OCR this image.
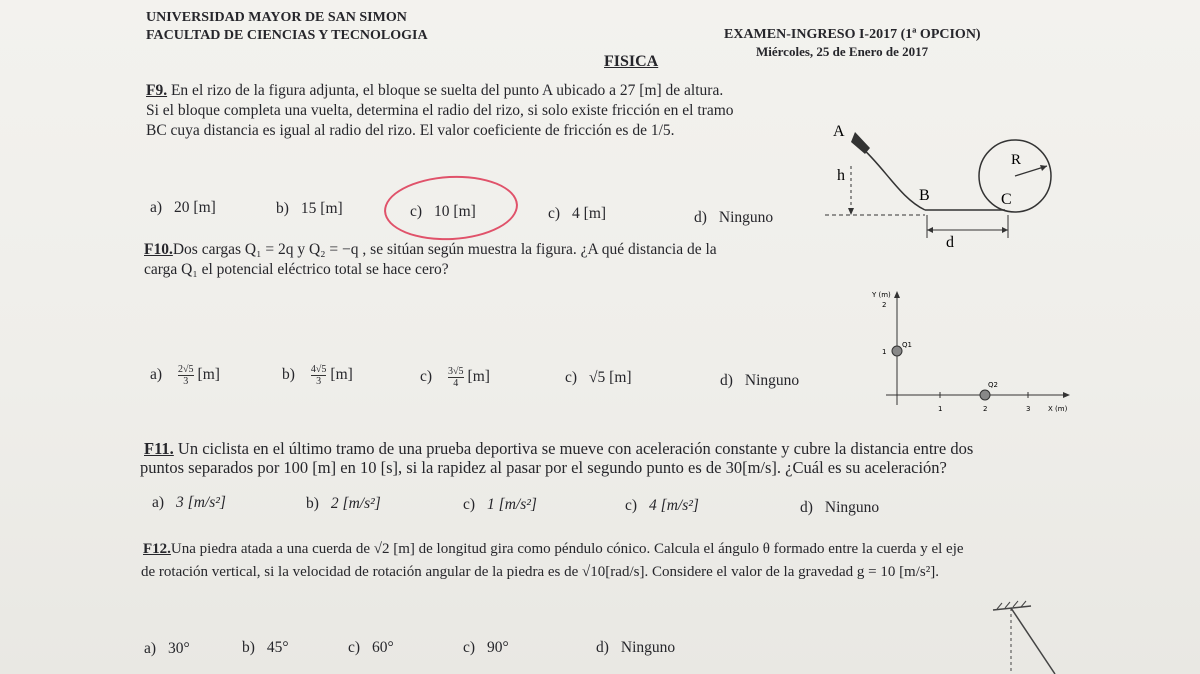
UNIVERSIDAD MAYOR DE SAN SIMON
FACULTAD DE CIENCIAS Y TECNOLOGIA	EXAMEN-INGRESO I-2017 (1ª OPCION)
Miércoles, 25 de Enero de 2017
FISICA
F9. En el rizo de la figura adjunta, el bloque se suelta del punto A ubicado a 27 [m] de altura.
Si el bloque completa una vuelta, determina el radio del rizo, si solo existe fricción en el tramo
BC cuya distancia es igual al radio del rizo. El valor coeficiente de fricción es de 1/5.
a) 20 [m]	b) 15 [m]	c) 10 [m]	c) 4 [m]	d) Ninguno
A
h
B	C
R
d
F10.Dos cargas Q₁ = 2q y Q₂ = −q , se sitúan según muestra la figura. ¿A qué distancia de la
carga Q₁ el potencial eléctrico total se hace cero?
$a) \frac{2√5}{3} [m]$	$b) \frac{4√5}{3} [m]$	$c) \frac{3√5}{4} [m]$	c) √5 [m]	d) Ninguno
Y (m)
2
1
1	2	3	X (m)
Q1
Q2
F11. Un ciclista en el último tramo de una prueba deportiva se mueve con aceleración constante y cubre la distancia entre dos
puntos separados por 100 [m] en 10 [s], si la rapidez al pasar por el segundo punto es de 30[m/s]. ¿Cuál es su aceleración?
a) 3 [m/s²]	b) 2 [m/s²]	c) 1 [m/s²]	c) 4 [m/s²]	d) Ninguno
F12.Una piedra atada a una cuerda de √2 [m] de longitud gira como péndulo cónico. Calcula el ángulo θ formado entre la cuerda y el eje
de rotación vertical, si la velocidad de rotación angular de la piedra es de √10[rad/s]. Considere el valor de la gravedad g = 10 [m/s²].
a) 30°	b) 45°	c) 60°	c) 90°	d) Ninguno
